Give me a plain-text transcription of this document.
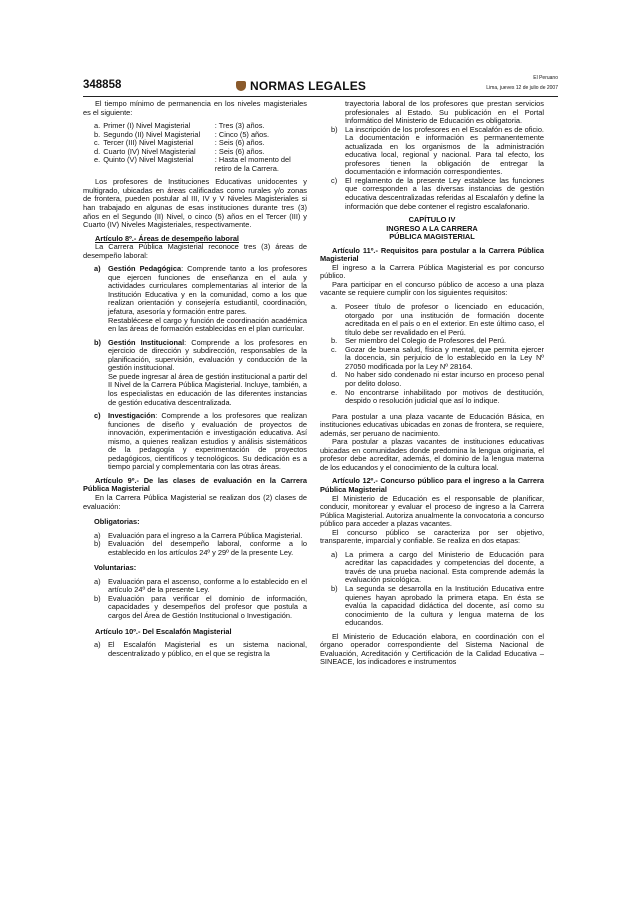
348858	NORMAS LEGALES
El Peruano
Lima, jueves 12 de julio de 2007

El tiempo mínimo de permanencia en los niveles magisteriales es el siguiente:

a. Primer (I) Nivel Magisterial	: Tres (3) años.
b. Segundo (II) Nivel Magisterial	: Cinco (5) años.
c. Tercer (III) Nivel Magisterial	: Seis (6) años.
d. Cuarto (IV) Nivel Magisterial	: Seis (6) años.
e. Quinto (V) Nivel Magisterial	: Hasta el momento del retiro de la Carrera.

Los profesores de Instituciones Educativas unidocentes y multigrado, ubicadas en áreas calificadas como rurales y/o zonas de frontera, pueden postular al III, IV y V Niveles Magisteriales si han trabajado en algunas de esas instituciones durante tres (3) años en el Segundo (II) Nivel, o cinco (5) años en el Tercer (III) y Cuarto (IV) Niveles Magisteriales, respectivamente.

Artículo 8º.- Áreas de desempeño laboral

La Carrera Pública Magisterial reconoce tres (3) áreas de desempeño laboral:

a) Gestión Pedagógica: Comprende tanto a los profesores que ejercen funciones de enseñanza en el aula y actividades curriculares complementarias al interior de la Institución Educativa y en la comunidad, como a los que realizan orientación y consejería estudiantil, coordinación, jefatura, asesoría y formación entre pares.

Restablécese el cargo y función de coordinación académica en las áreas de formación establecidas en el plan curricular.

b) Gestión Institucional: Comprende a los profesores en ejercicio de dirección y subdirección, responsables de la planificación, supervisión, evaluación y conducción de la gestión institucional.

Se puede ingresar al área de gestión institucional a partir del II Nivel de la Carrera Pública Magisterial. Incluye, también, a los especialistas en educación de las diferentes instancias de gestión educativa descentralizada.

c) Investigación: Comprende a los profesores que realizan funciones de diseño y evaluación de proyectos de innovación, experimentación e investigación educativa. Así mismo, a quienes realizan estudios y análisis sistemáticos de la pedagogía y experimentación de proyectos pedagógicos, científicos y tecnológicos. Su dedicación es a tiempo parcial y complementaria con las otras áreas.

Artículo 9º.- De las clases de evaluación en la Carrera Pública Magisterial

En la Carrera Pública Magisterial se realizan dos (2) clases de evaluación:

Obligatorias:

a) Evaluación para el ingreso a la Carrera Pública Magisterial.
b) Evaluación del desempeño laboral, conforme a lo establecido en los artículos 24º y 29º de la presente Ley.

Voluntarias:

a) Evaluación para el ascenso, conforme a lo establecido en el artículo 24º de la presente Ley.
b) Evaluación para verificar el dominio de información, capacidades y desempeños del profesor que postula a cargos del Área de Gestión Institucional o Investigación.

Artículo 10º.- Del Escalafón Magisterial

a) El Escalafón Magisterial es un sistema nacional, descentralizado y público, en el que se registra la
trayectoria laboral de los profesores que prestan servicios profesionales al Estado. Su publicación en el Portal Informático del Ministerio de Educación es obligatoria.
b) La inscripción de los profesores en el Escalafón es de oficio. La documentación e información es permanentemente actualizada en los organismos de la administración educativa local, regional y nacional. Para tal efecto, los profesores tienen la obligación de entregar la documentación e información correspondientes.
c) El reglamento de la presente Ley establece las funciones que corresponden a las diversas instancias de gestión educativa descentralizadas referidas al Escalafón y define la información que debe contener el registro escalafonario.

CAPÍTULO IV

INGRESO A LA CARRERA

PÚBLICA MAGISTERIAL

Artículo 11º.- Requisitos para postular a la Carrera Pública Magisterial

El ingreso a la Carrera Pública Magisterial es por concurso público.

Para participar en el concurso público de acceso a una plaza vacante se requiere cumplir con los siguientes requisitos:

a. Poseer título de profesor o licenciado en educación, otorgado por una institución de formación docente acreditada en el país o en el exterior. En este último caso, el título debe ser revalidado en el Perú.
b. Ser miembro del Colegio de Profesores del Perú.
c. Gozar de buena salud, física y mental, que permita ejercer la docencia, sin perjuicio de lo establecido en la Ley Nº 27050 modificada por la Ley Nº 28164.
d. No haber sido condenado ni estar incurso en proceso penal por delito doloso.
e. No encontrarse inhabilitado por motivos de destitución, despido o resolución judicial que así lo indique.

Para postular a una plaza vacante de Educación Básica, en instituciones educativas ubicadas en zonas de frontera, se requiere, además, ser peruano de nacimiento.

Para postular a plazas vacantes de instituciones educativas ubicadas en comunidades donde predomina la lengua originaria, el profesor debe acreditar, además, el dominio de la lengua materna de los educandos y el conocimiento de la cultura local.

Artículo 12º.- Concurso público para el ingreso a la Carrera Pública Magisterial

El Ministerio de Educación es el responsable de planificar, conducir, monitorear y evaluar el proceso de ingreso a la Carrera Pública Magisterial. Autoriza anualmente la convocatoria a concurso público para acceder a plazas vacantes.

El concurso público se caracteriza por ser objetivo, transparente, imparcial y confiable. Se realiza en dos etapas:

a) La primera a cargo del Ministerio de Educación para acreditar las capacidades y competencias del docente, a través de una prueba nacional. Esta comprende además la evaluación psicológica.
b) La segunda se desarrolla en la Institución Educativa entre quienes hayan aprobado la primera etapa. En ésta se evalúa la capacidad didáctica del docente, así como su conocimiento de la cultura y lengua materna de los educandos.

El Ministerio de Educación elabora, en coordinación con el órgano operador correspondiente del Sistema Nacional de Evaluación, Acreditación y Certificación de la Calidad Educativa – SINEACE, los indicadores e instrumentos
